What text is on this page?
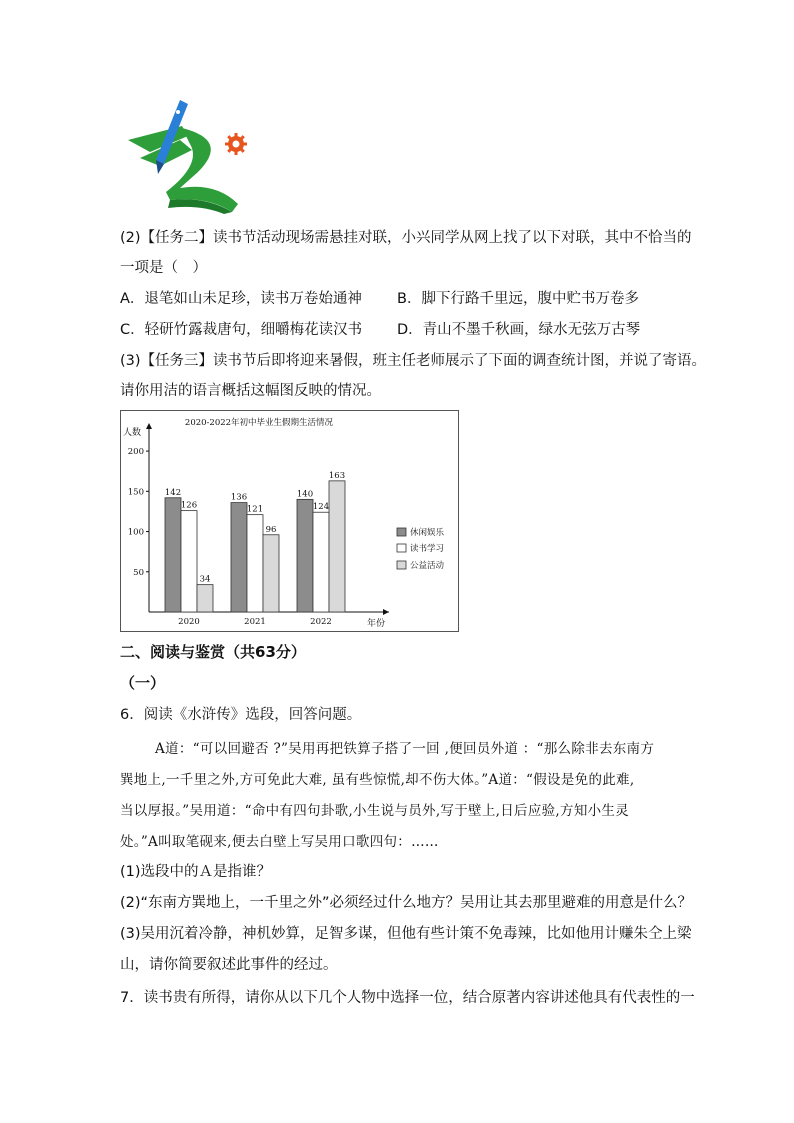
(2)【任务二】读书节活动现场需悬挂对联，小兴同学从网上找了以下对联，其中不恰当的
一项是（　）
A．退笔如山未足珍，读书万卷始通神 B．脚下行路千里远，腹中贮书万卷多
C．轻研竹露裁唐句，细嚼梅花读汉书 D．青山不墨千秋画，绿水无弦万古琴
(3)【任务三】读书节后即将迎来暑假，班主任老师展示了下面的调查统计图，并说了寄语。
请你用洁的语言概括这幅图反映的情况。
2020-2022年初中毕业生假期生活情况
人数
年份
50
100
150
200
142
126
34
2020
136
121
96
2021
140
124
163
2022
休闲娱乐
读书学习
公益活动
二、阅读与鉴赏（共63分）
（一）
6．阅读《水浒传》选段，回答问题。
A道：“可以回避否 ?”吴用再把铁算子搭了一回 ,便回员外道 ：“那么除非去东南方
巽地上,一千里之外,方可免此大难, 虽有些惊慌,却不伤大体。”A道：“假设是免的此难,
当以厚报。”吴用道：“命中有四句卦歌,小生说与员外,写于壁上,日后应验,方知小生灵
处。”A叫取笔砚来,便去白壁上写吴用口歌四句：……
(1)选段中的Ａ是指谁？
(2)“东南方巽地上，一千里之外”必须经过什么地方？吴用让其去那里避难的用意是什么？
(3)吴用沉着冷静，神机妙算，足智多谋，但他有些计策不免毒辣，比如他用计赚朱仝上梁
山，请你简要叙述此事件的经过。
7．读书贵有所得，请你从以下几个人物中选择一位，结合原著内容讲述他具有代表性的一
